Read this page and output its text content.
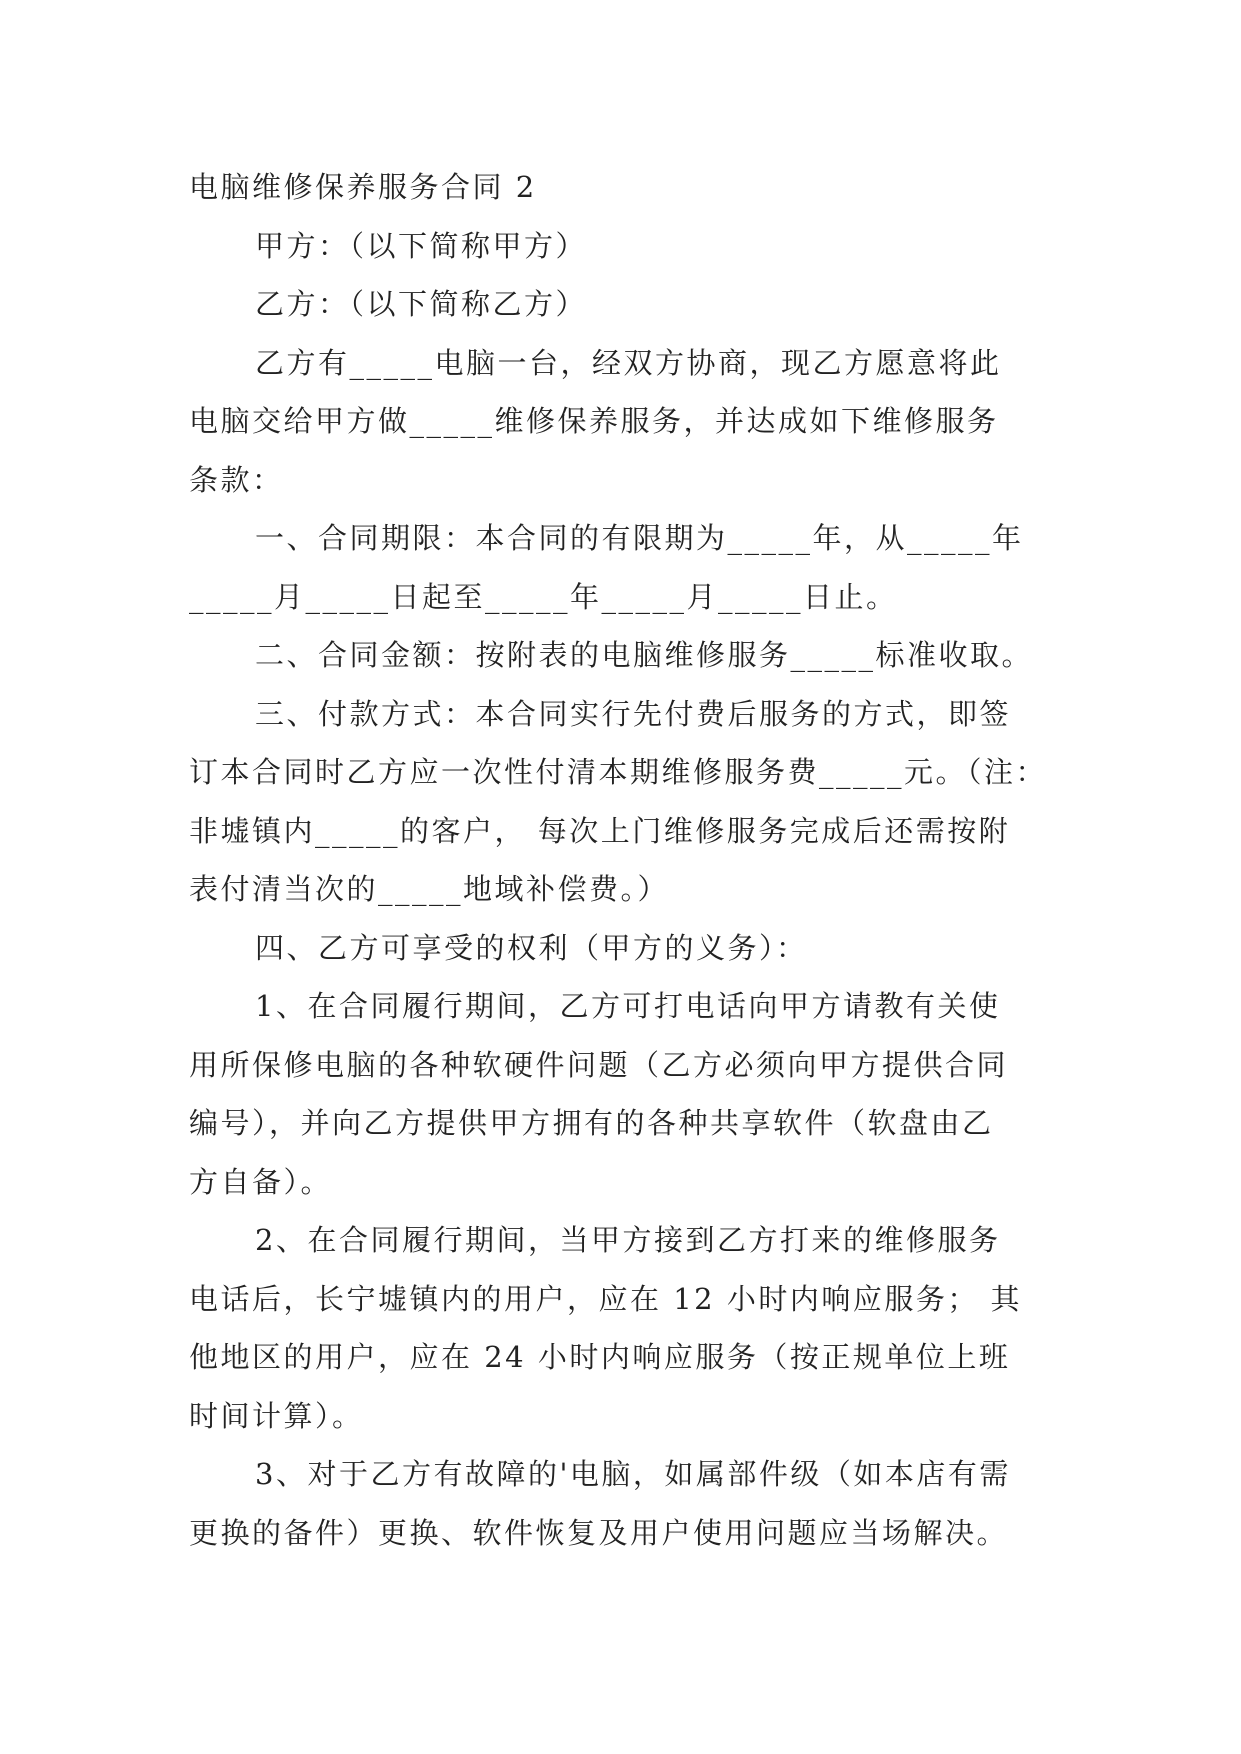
电脑维修保养服务合同 2
甲方：（以下简称甲方）
乙方：（以下简称乙方）
乙方有_____电脑一台，经双方协商，现乙方愿意将此
电脑交给甲方做_____维修保养服务，并达成如下维修服务
条款：
一、合同期限：本合同的有限期为_____年，从_____年
_____月_____日起至_____年_____月_____日止。
二、合同金额：按附表的电脑维修服务_____标准收取。
三、付款方式：本合同实行先付费后服务的方式，即签
订本合同时乙方应一次性付清本期维修服务费_____元。（注：
非墟镇内_____的客户， 每次上门维修服务完成后还需按附
表付清当次的_____地域补偿费。）
四、乙方可享受的权利（甲方的义务）：
1、在合同履行期间，乙方可打电话向甲方请教有关使
用所保修电脑的各种软硬件问题（乙方必须向甲方提供合同
编号），并向乙方提供甲方拥有的各种共享软件（软盘由乙
方自备）。
2、在合同履行期间，当甲方接到乙方打来的维修服务
电话后，长宁墟镇内的用户，应在 12 小时内响应服务； 其
他地区的用户，应在 24 小时内响应服务（按正规单位上班
时间计算）。
3、对于乙方有故障的'电脑，如属部件级（如本店有需
更换的备件）更换、软件恢复及用户使用问题应当场解决。
